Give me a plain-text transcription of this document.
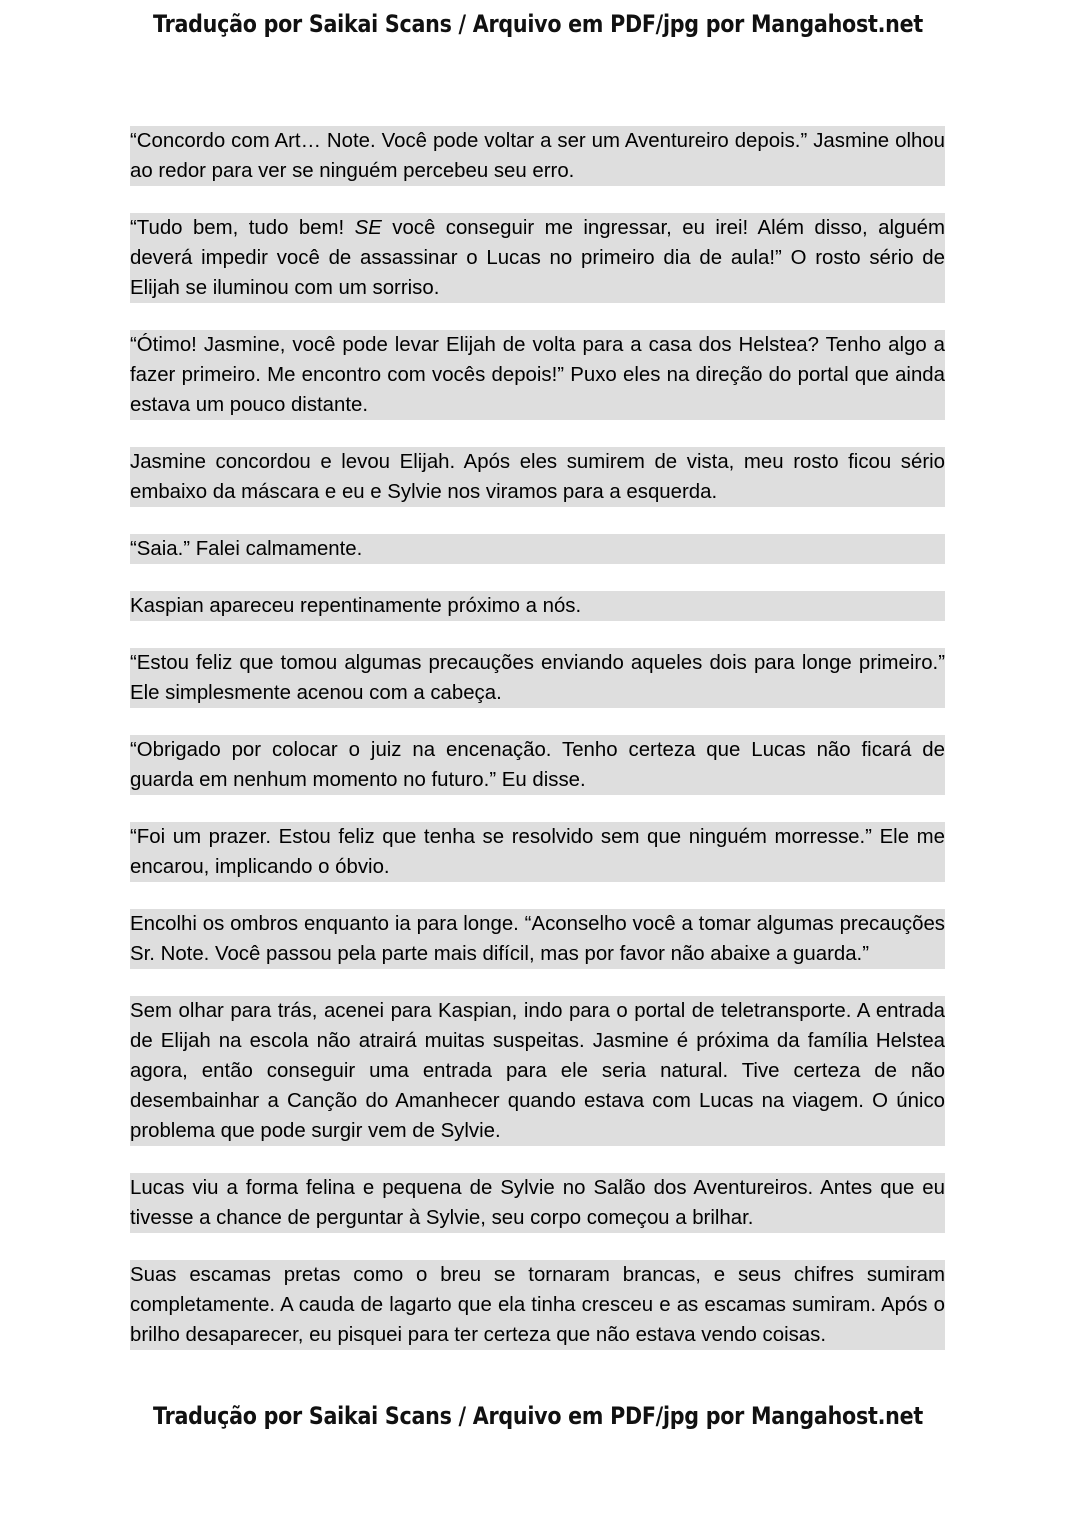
Tradução por Saikai Scans / Arquivo em PDF/jpg por Mangahost.net

“Concordo com Art… Note. Você pode voltar a ser um Aventureiro depois.” Jasmine olhou ao redor para ver se ninguém percebeu seu erro.

“Tudo bem, tudo bem! SE você conseguir me ingressar, eu irei! Além disso, alguém deverá impedir você de assassinar o Lucas no primeiro dia de aula!” O rosto sério de Elijah se iluminou com um sorriso.

“Ótimo! Jasmine, você pode levar Elijah de volta para a casa dos Helstea? Tenho algo a fazer primeiro. Me encontro com vocês depois!” Puxo eles na direção do portal que ainda estava um pouco distante.

Jasmine concordou e levou Elijah. Após eles sumirem de vista, meu rosto ficou sério embaixo da máscara e eu e Sylvie nos viramos para a esquerda.

“Saia.” Falei calmamente.

Kaspian apareceu repentinamente próximo a nós.

“Estou feliz que tomou algumas precauções enviando aqueles dois para longe primeiro.” Ele simplesmente acenou com a cabeça.

“Obrigado por colocar o juiz na encenação. Tenho certeza que Lucas não ficará de guarda em nenhum momento no futuro.” Eu disse.

“Foi um prazer. Estou feliz que tenha se resolvido sem que ninguém morresse.” Ele me encarou, implicando o óbvio.

Encolhi os ombros enquanto ia para longe. “Aconselho você a tomar algumas precauções Sr. Note. Você passou pela parte mais difícil, mas por favor não abaixe a guarda.”

Sem olhar para trás, acenei para Kaspian, indo para o portal de teletransporte. A entrada de Elijah na escola não atrairá muitas suspeitas. Jasmine é próxima da família Helstea agora, então conseguir uma entrada para ele seria natural. Tive certeza de não desembainhar a Canção do Amanhecer quando estava com Lucas na viagem. O único problema que pode surgir vem de Sylvie.

Lucas viu a forma felina e pequena de Sylvie no Salão dos Aventureiros. Antes que eu tivesse a chance de perguntar à Sylvie, seu corpo começou a brilhar.

Suas escamas pretas como o breu se tornaram brancas, e seus chifres sumiram completamente. A cauda de lagarto que ela tinha cresceu e as escamas sumiram. Após o brilho desaparecer, eu pisquei para ter certeza que não estava vendo coisas.

Tradução por Saikai Scans / Arquivo em PDF/jpg por Mangahost.net
